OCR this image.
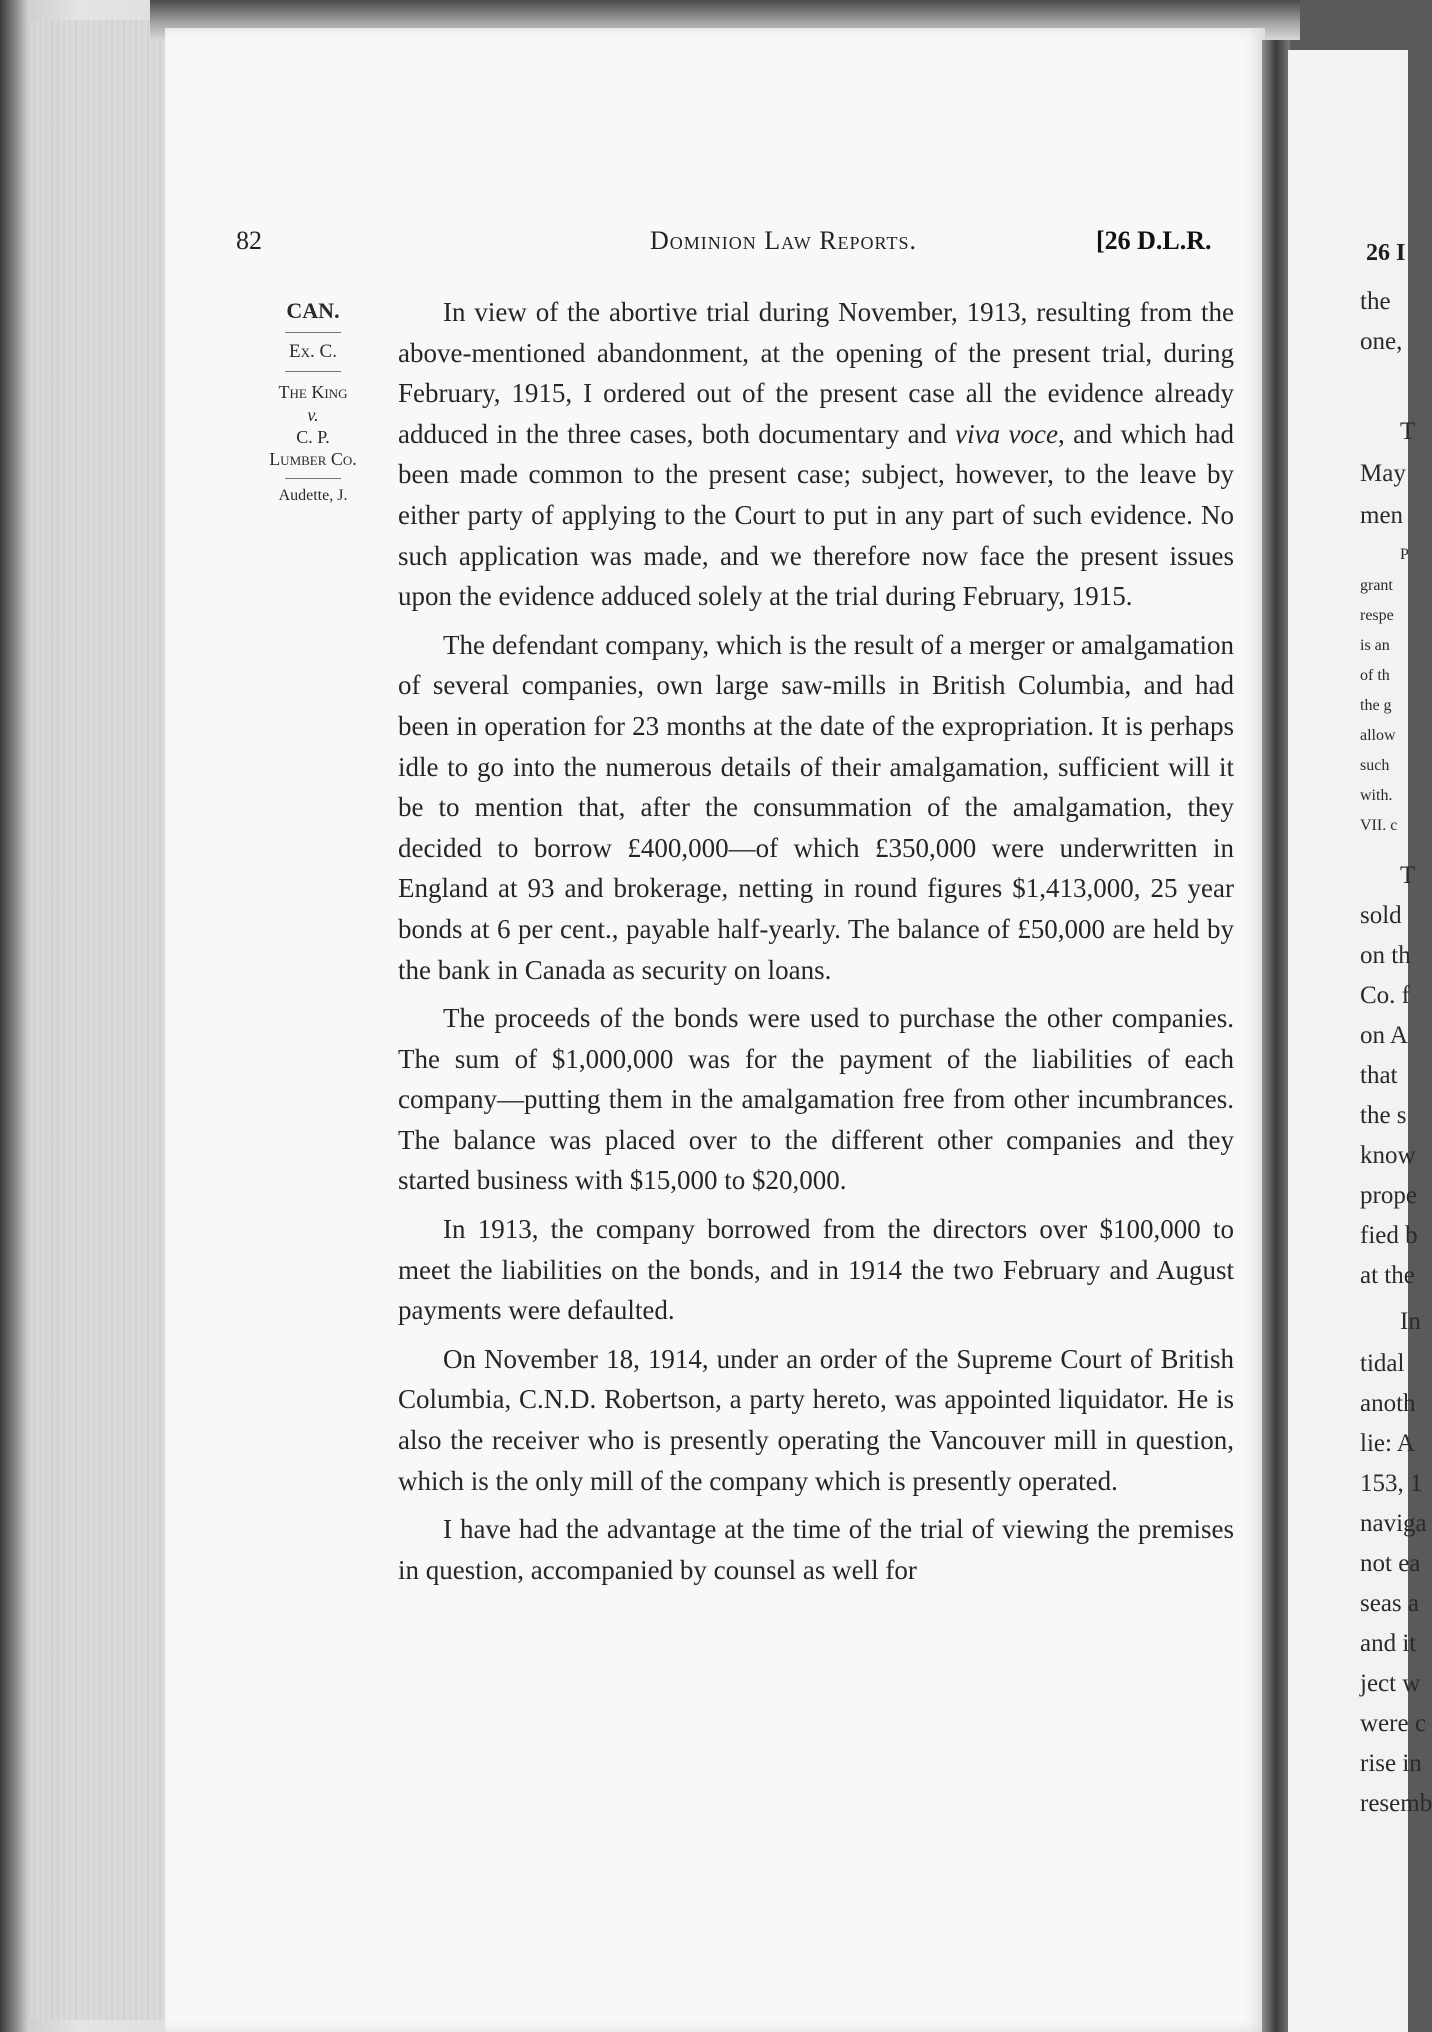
26 I
the
one,
T
May
men
P
grant
respe
is an
of th
the g
allow
such
with.
VII. c
T
sold
on th
Co. f
on A
that
the s
know
prope
fied b
at the
In
tidal
anoth
lie: A
153, 1
naviga
not ea
seas a
and it
ject w
were c
rise in
resemb
82	Dominion Law Reports.	[26 D.L.R.
CAN.
Ex. C.
The King
v.
C. P.
Lumber Co.
Audette, J.

In view of the abortive trial during November, 1913, resulting from the above-mentioned abandonment, at the opening of the present trial, during February, 1915, I ordered out of the present case all the evidence already adduced in the three cases, both documentary and viva voce, and which had been made common to the present case; subject, however, to the leave by either party of applying to the Court to put in any part of such evidence. No such application was made, and we therefore now face the present issues upon the evidence adduced solely at the trial during February, 1915.

The defendant company, which is the result of a merger or amalgamation of several companies, own large saw-mills in British Columbia, and had been in operation for 23 months at the date of the expropriation. It is perhaps idle to go into the numerous details of their amalgamation, sufficient will it be to mention that, after the consummation of the amalgamation, they decided to borrow £400,000—of which £350,000 were underwritten in England at 93 and brokerage, netting in round figures $1,413,000, 25 year bonds at 6 per cent., payable half-yearly. The balance of £50,000 are held by the bank in Canada as security on loans.

The proceeds of the bonds were used to purchase the other companies. The sum of $1,000,000 was for the payment of the liabilities of each company—putting them in the amalgamation free from other incumbrances. The balance was placed over to the different other companies and they started business with $15,000 to $20,000.

In 1913, the company borrowed from the directors over $100,000 to meet the liabilities on the bonds, and in 1914 the two February and August payments were defaulted.

On November 18, 1914, under an order of the Supreme Court of British Columbia, C.N.D. Robertson, a party hereto, was appointed liquidator. He is also the receiver who is presently operating the Vancouver mill in question, which is the only mill of the company which is presently operated.

I have had the advantage at the time of the trial of viewing the premises in question, accompanied by counsel as well for
